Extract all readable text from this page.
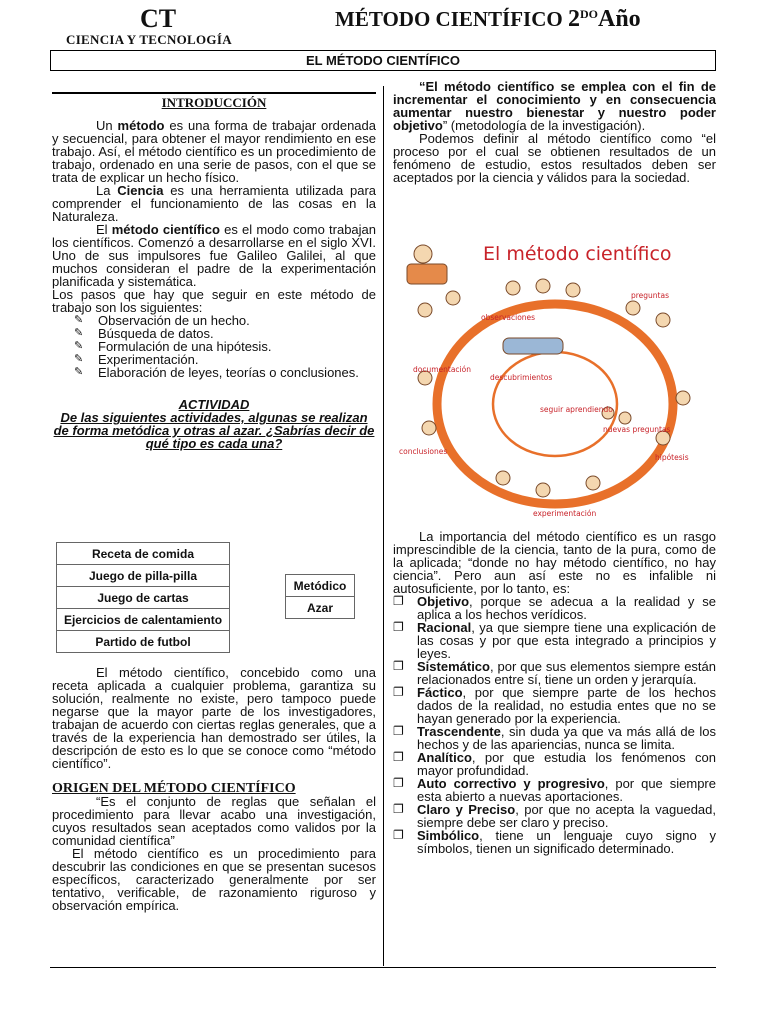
CT
CIENCIA Y TECNOLOGÍA
MÉTODO CIENTÍFICO $2^{DO}Año$
EL MÉTODO CIENTÍFICO
INTRODUCCIÓN

Un método es una forma de trabajar ordenada y secuencial, para obtener el mayor rendimiento en ese trabajo. Así, el método científico es un procedimiento de trabajo, ordenado en una serie de pasos, con el que se trata de explicar un hecho físico.

La Ciencia es una herramienta utilizada para comprender el funcionamiento de las cosas en la Naturaleza.

El método científico es el modo como trabajan los científicos. Comenzó a desarrollarse en el siglo XVI. Uno de sus impulsores fue Galileo Galilei, al que muchos consideran el padre de la experimentación planificada y sistemática.

Los pasos que hay que seguir en este método de trabajo son los siguientes:

✎ Observación de un hecho.
✎ Búsqueda de datos.
✎ Formulación de una hipótesis.
✎ Experimentación.
✎ Elaboración de leyes, teorías o conclusiones.
ACTIVIDAD
De las siguientes actividades, algunas se realizan de forma metódica y otras al azar. ¿Sabrías decir de qué tipo es cada una?
Receta de comida
Juego de pilla-pilla
Juego de cartas
Ejercicios de calentamiento
Partido de futbol
Metódico
Azar

El método científico, concebido como una receta aplicada a cualquier problema, garantiza su solución, realmente no existe, pero tampoco puede negarse que la mayor parte de los investigadores, trabajan de acuerdo con ciertas reglas generales, que a través de la experiencia han demostrado ser útiles, la descripción de esto es lo que se conoce como “método científico”.

ORIGEN DEL MÉTODO CIENTÍFICO

“Es el conjunto de reglas que señalan el procedimiento para llevar acabo una investigación, cuyos resultados sean aceptados como validos por la comunidad científica”

El método científico es un procedimiento para descubrir las condiciones en que se presentan sucesos específicos, caracterizado generalmente por ser tentativo, verificable, de razonamiento riguroso y observación empírica.

“El método científico se emplea con el fin de incrementar el conocimiento y en consecuencia aumentar nuestro bienestar y nuestro poder objetivo” (metodología de la investigación).

Podemos definir al método científico como “el proceso por el cual se obtienen resultados de un fenómeno de estudio, estos resultados deben ser aceptados por la ciencia y válidos para la sociedad.

El método científico
preguntas
observaciones
documentación
descubrimientos
seguir aprendiendo
nuevas preguntas
hipótesis
conclusiones
experimentación

La importancia del método científico es un rasgo imprescindible de la ciencia, tanto de la pura, como de la aplicada; “donde no hay método científico, no hay ciencia”. Pero aun así este no es infalible ni autosuficiente, por lo tanto, es:

❐ Objetivo, porque se adecua a la realidad y se aplica a los hechos verídicos.
❐ Racional, ya que siempre tiene una explicación de las cosas y por que esta integrado a principios y leyes.
❐ Sistemático, por que sus elementos siempre están relacionados entre sí, tiene un orden y jerarquía.
❐ Fáctico, por que siempre parte de los hechos dados de la realidad, no estudia entes que no se hayan generado por la experiencia.
❐ Trascendente, sin duda ya que va más allá de los hechos y de las apariencias, nunca se limita.
❐ Analítico, por que estudia los fenómenos con mayor profundidad.
❐ Auto correctivo y progresivo, por que siempre esta abierto a nuevas aportaciones.
❐ Claro y Preciso, por que no acepta la vaguedad, siempre debe ser claro y preciso.
❐ Simbólico, tiene un lenguaje cuyo signo y símbolos, tienen un significado determinado.
